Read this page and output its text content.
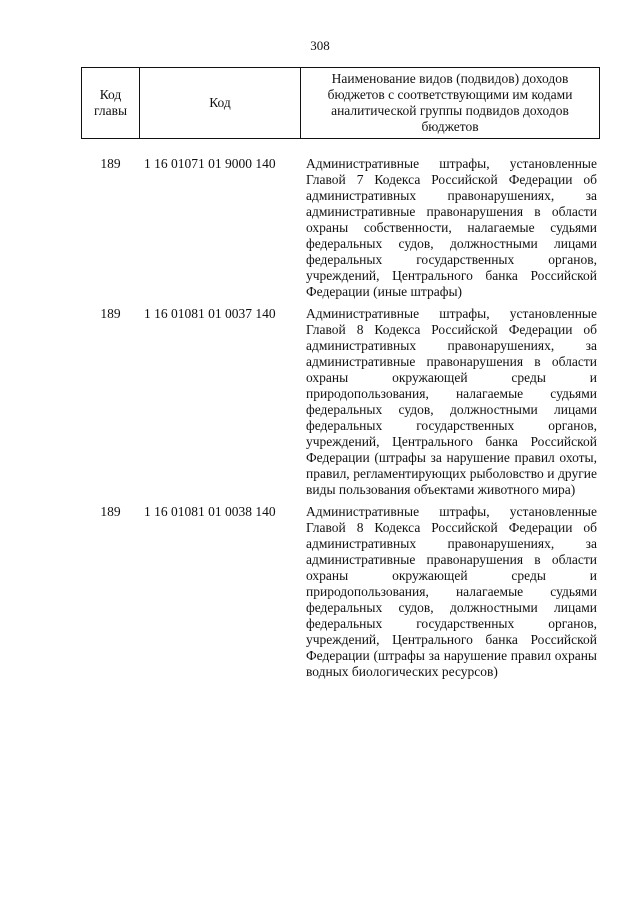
308
Код главы	Код	Наименование видов (подвидов) доходов бюджетов с соответствующими им кодами аналитической группы подвидов доходов бюджетов
189	1 16 01071 01 9000 140	Административные штрафы, установленные Главой 7 Кодекса Российской Федерации об административных правонарушениях, за административные правонарушения в области охраны собственности, налагаемые судьями федеральных судов, должностными лицами федеральных государственных органов, учреждений, Центрального банка Российской Федерации (иные штрафы)
189	1 16 01081 01 0037 140	Административные штрафы, установленные Главой 8 Кодекса Российской Федерации об административных правонарушениях, за административные правонарушения в области охраны окружающей среды и природопользования, налагаемые судьями федеральных судов, должностными лицами федеральных государственных органов, учреждений, Центрального банка Российской Федерации (штрафы за нарушение правил охоты, правил, регламентирующих рыболовство и другие виды пользования объектами животного мира)
189	1 16 01081 01 0038 140	Административные штрафы, установленные Главой 8 Кодекса Российской Федерации об административных правонарушениях, за административные правонарушения в области охраны окружающей среды и природопользования, налагаемые судьями федеральных судов, должностными лицами федеральных государственных органов, учреждений, Центрального банка Российской Федерации (штрафы за нарушение правил охраны водных биологических ресурсов)
